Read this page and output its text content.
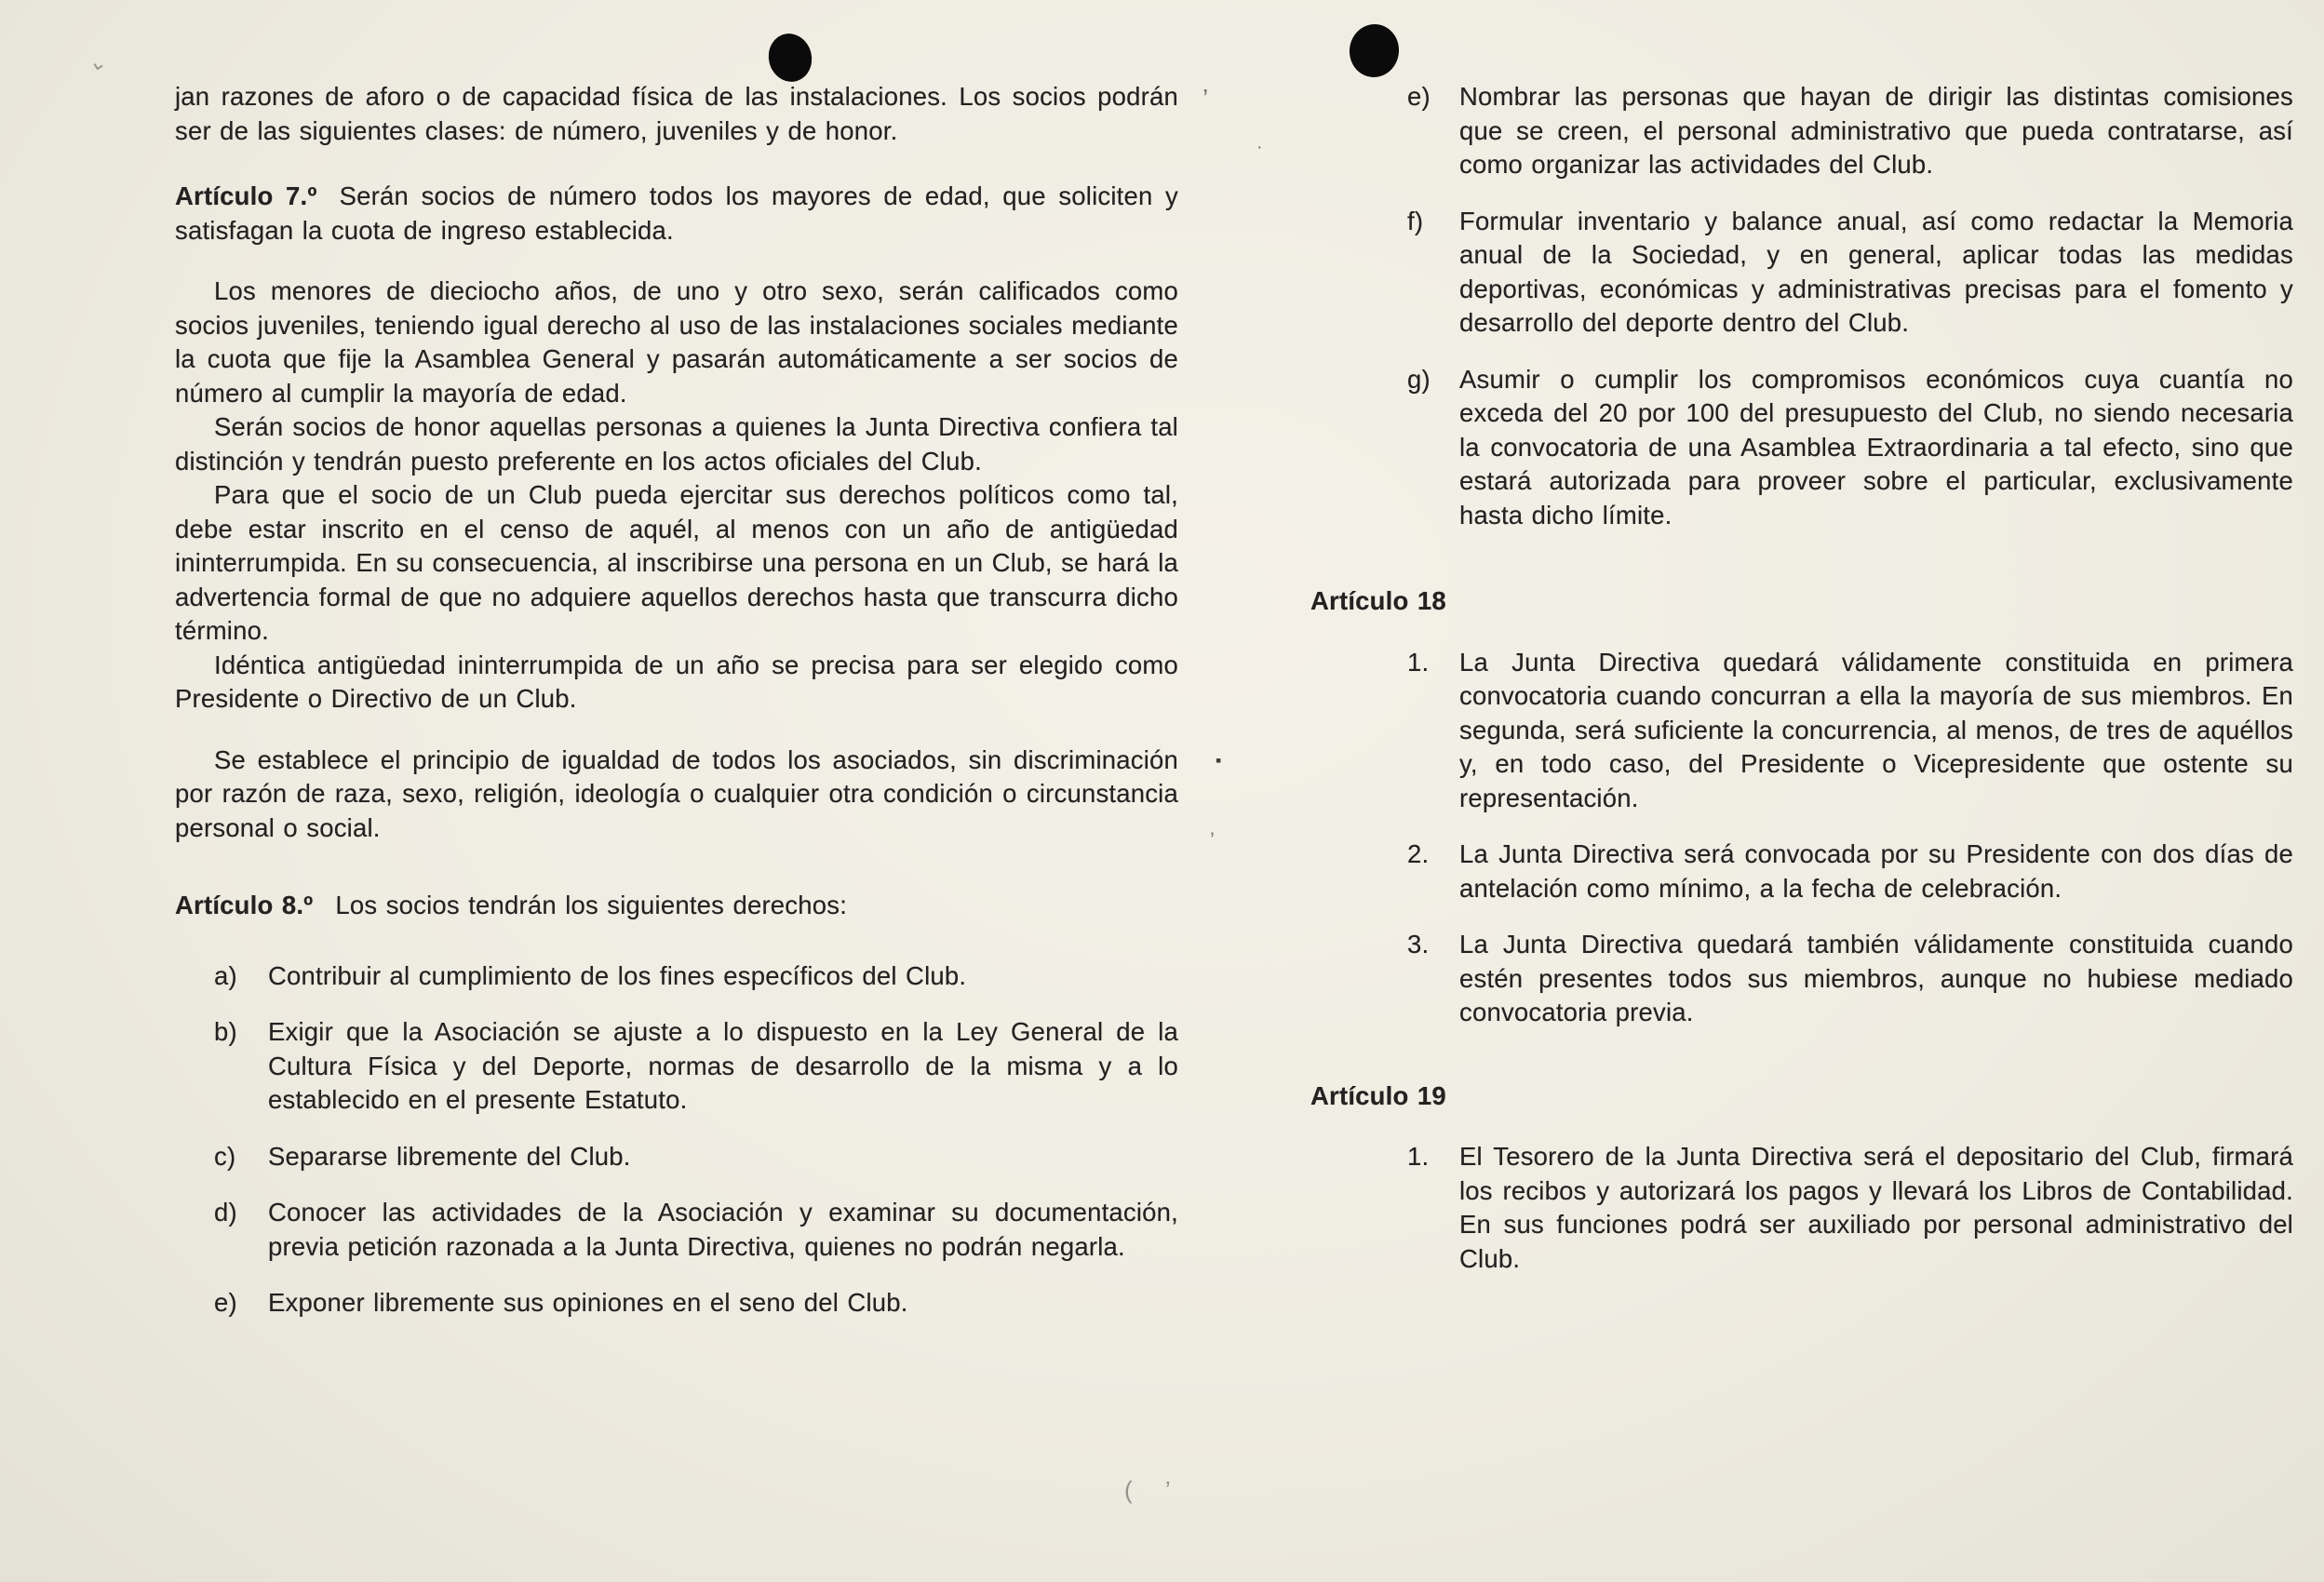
’
·
▪
’
( ’
⌄

jan razones de aforo o de capacidad física de las instalaciones. Los socios podrán ser de las siguientes clases: de número, juveniles y de honor.

Artículo 7.º Serán socios de número todos los mayores de edad, que soliciten y satisfagan la cuota de ingreso establecida.

Los menores de dieciocho años, de uno y otro sexo, serán calificados como socios juveniles, teniendo igual derecho al uso de las instalaciones sociales mediante la cuota que fije la Asamblea General y pasarán automáticamente a ser socios de número al cumplir la mayoría de edad.

Serán socios de honor aquellas personas a quienes la Junta Directiva confiera tal distinción y tendrán puesto preferente en los actos oficiales del Club.

Para que el socio de un Club pueda ejercitar sus derechos políticos como tal, debe estar inscrito en el censo de aquél, al menos con un año de antigüedad ininterrumpida. En su consecuencia, al inscribirse una persona en un Club, se hará la advertencia formal de que no adquiere aquellos derechos hasta que transcurra dicho término.

Idéntica antigüedad ininterrumpida de un año se precisa para ser elegido como Presidente o Directivo de un Club.

Se establece el principio de igualdad de todos los asociados, sin discriminación por razón de raza, sexo, religión, ideología o cualquier otra condición o circunstancia personal o social.

Artículo 8.º Los socios tendrán los siguientes derechos:

a)	Contribuir al cumplimiento de los fines específicos del Club.

b)	Exigir que la Asociación se ajuste a lo dispuesto en la Ley General de la Cultura Física y del Deporte, normas de desarrollo de la misma y a lo establecido en el presente Estatuto.

c)	Separarse libremente del Club.

d)	Conocer las actividades de la Asociación y examinar su documentación, previa petición razonada a la Junta Directiva, quienes no podrán negarla.

e)	Exponer libremente sus opiniones en el seno del Club.

e)	Nombrar las personas que hayan de dirigir las distintas comisiones que se creen, el personal administrativo que pueda contratarse, así como organizar las actividades del Club.

f)	Formular inventario y balance anual, así como redactar la Memoria anual de la Sociedad, y en general, aplicar todas las medidas deportivas, económicas y administrativas precisas para el fomento y desarrollo del deporte dentro del Club.

g)	Asumir o cumplir los compromisos económicos cuya cuantía no exceda del 20 por 100 del presupuesto del Club, no siendo necesaria la convocatoria de una Asamblea Extraordinaria a tal efecto, sino que estará autorizada para proveer sobre el particular, exclusivamente hasta dicho límite.

Artículo 18
1.	La Junta Directiva quedará válidamente constituida en primera convocatoria cuando concurran a ella la mayoría de sus miembros. En segunda, será suficiente la concurrencia, al menos, de tres de aquéllos y, en todo caso, del Presidente o Vicepresidente que ostente su representación.

2.	La Junta Directiva será convocada por su Presidente con dos días de antelación como mínimo, a la fecha de celebración.

3.	La Junta Directiva quedará también válidamente constituida cuando estén presentes todos sus miembros, aunque no hubiese mediado convocatoria previa.

Artículo 19
1.	El Tesorero de la Junta Directiva será el depositario del Club, firmará los recibos y autorizará los pagos y llevará los Libros de Contabilidad. En sus funciones podrá ser auxiliado por personal administrativo del Club.
